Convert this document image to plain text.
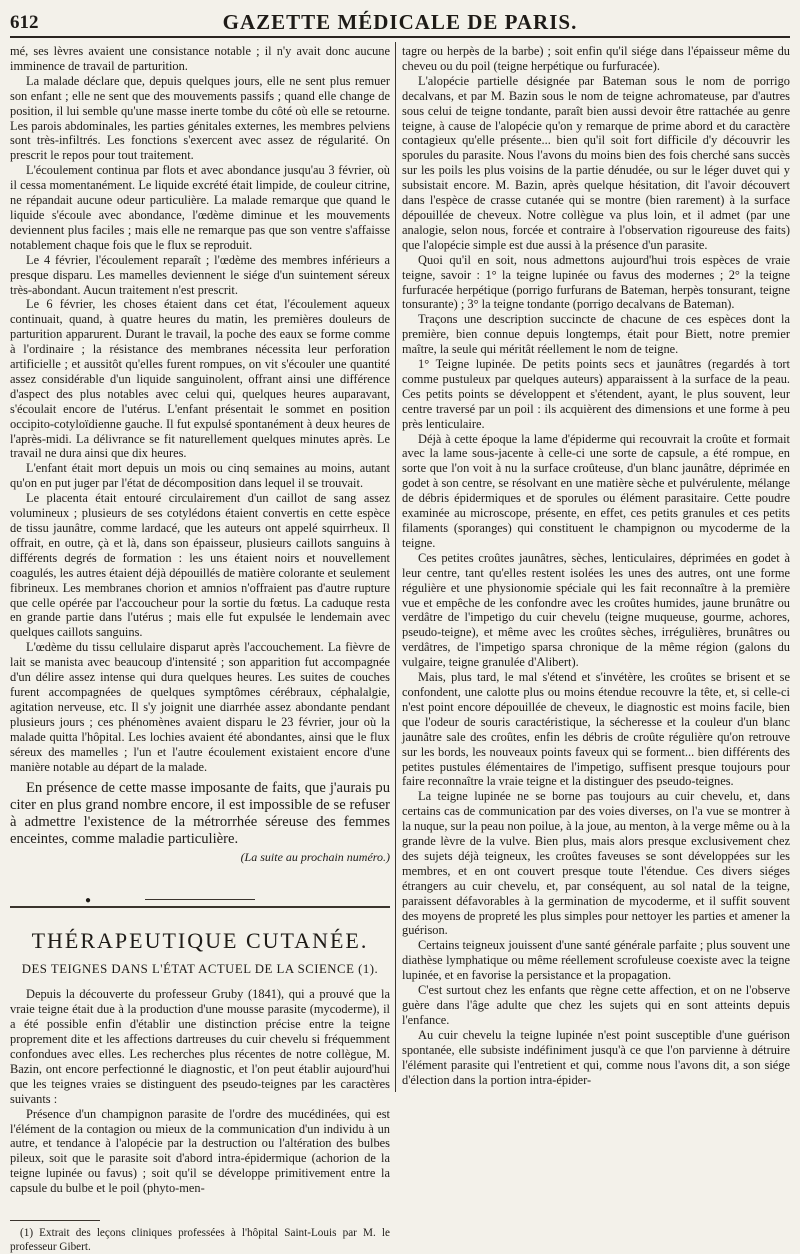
612	GAZETTE MÉDICALE DE PARIS.

mé, ses lèvres avaient une consistance notable ; il n'y avait donc aucune imminence de travail de parturition.

La malade déclare que, depuis quelques jours, elle ne sent plus remuer son enfant ; elle ne sent que des mouvements passifs ; quand elle change de position, il lui semble qu'une masse inerte tombe du côté où elle se retourne. Les parois abdominales, les parties génitales externes, les membres pelviens sont très-infiltrés. Les fonctions s'exercent avec assez de régularité. On prescrit le repos pour tout traitement.

L'écoulement continua par flots et avec abondance jusqu'au 3 février, où il cessa momentanément. Le liquide excrété était limpide, de couleur citrine, ne répandait aucune odeur particulière. La malade remarque que quand le liquide s'écoule avec abondance, l'œdème diminue et les mouvements deviennent plus faciles ; mais elle ne remarque pas que son ventre s'affaisse notablement chaque fois que le flux se reproduit.

Le 4 février, l'écoulement reparaît ; l'œdème des membres inférieurs a presque disparu. Les mamelles deviennent le siége d'un suintement séreux très-abondant. Aucun traitement n'est prescrit.

Le 6 février, les choses étaient dans cet état, l'écoulement aqueux continuait, quand, à quatre heures du matin, les premières douleurs de parturition apparurent. Durant le travail, la poche des eaux se forme comme à l'ordinaire ; la résistance des membranes nécessita leur perforation artificielle ; et aussitôt qu'elles furent rompues, on vit s'écouler une quantité assez considérable d'un liquide sanguinolent, offrant ainsi une différence d'aspect des plus notables avec celui qui, quelques heures auparavant, s'écoulait encore de l'utérus. L'enfant présentait le sommet en position occipito-cotyloïdienne gauche. Il fut expulsé spontanément à deux heures de l'après-midi. La délivrance se fit naturellement quelques minutes après. Le travail ne dura ainsi que dix heures.

L'enfant était mort depuis un mois ou cinq semaines au moins, autant qu'on en put juger par l'état de décomposition dans lequel il se trouvait.

Le placenta était entouré circulairement d'un caillot de sang assez volumineux ; plusieurs de ses cotylédons étaient convertis en cette espèce de tissu jaunâtre, comme lardacé, que les auteurs ont appelé squirrheux. Il offrait, en outre, çà et là, dans son épaisseur, plusieurs caillots sanguins à différents degrés de formation : les uns étaient noirs et nouvellement coagulés, les autres étaient déjà dépouillés de matière colorante et seulement fibrineux. Les membranes chorion et amnios n'offraient pas d'autre rupture que celle opérée par l'accoucheur pour la sortie du fœtus. La caduque resta en grande partie dans l'utérus ; mais elle fut expulsée le lendemain avec quelques caillots sanguins.

L'œdème du tissu cellulaire disparut après l'accouchement. La fièvre de lait se manista avec beaucoup d'intensité ; son apparition fut accompagnée d'un délire assez intense qui dura quelques heures. Les suites de couches furent accompagnées de quelques symptômes cérébraux, céphalalgie, agitation nerveuse, etc. Il s'y joignit une diarrhée assez abondante pendant plusieurs jours ; ces phénomènes avaient disparu le 23 février, jour où la malade quitta l'hôpital. Les lochies avaient été abondantes, ainsi que le flux séreux des mamelles ; l'un et l'autre écoulement existaient encore d'une manière notable au départ de la malade.

En présence de cette masse imposante de faits, que j'aurais pu citer en plus grand nombre encore, il est impossible de se refuser à admettre l'existence de la métrorrhée séreuse des femmes enceintes, comme maladie particulière.

(La suite au prochain numéro.)
●
THÉRAPEUTIQUE CUTANÉE.
DES TEIGNES DANS L'ÉTAT ACTUEL DE LA SCIENCE (1).

Depuis la découverte du professeur Gruby (1841), qui a prouvé que la vraie teigne était due à la production d'une mousse parasite (mycoderme), il a été possible enfin d'établir une distinction précise entre la teigne proprement dite et les affections dartreuses du cuir chevelu si fréquemment confondues avec elles. Les recherches plus récentes de notre collègue, M. Bazin, ont encore perfectionné le diagnostic, et l'on peut établir aujourd'hui que les teignes vraies se distinguent des pseudo-teignes par les caractères suivants :

Présence d'un champignon parasite de l'ordre des mucédinées, qui est l'élément de la contagion ou mieux de la communication d'un individu à un autre, et tendance à l'alopécie par la destruction ou l'altération des bulbes pileux, soit que le parasite soit d'abord intra-épidermique (achorion de la teigne lupinée ou favus) ; soit qu'il se développe primitivement entre la capsule du bulbe et le poil (phyto-men-

(1) Extrait des leçons cliniques professées à l'hôpital Saint-Louis par M. le professeur Gibert.

tagre ou herpès de la barbe) ; soit enfin qu'il siége dans l'épaisseur même du cheveu ou du poil (teigne herpétique ou furfuracée).

L'alopécie partielle désignée par Bateman sous le nom de porrigo decalvans, et par M. Bazin sous le nom de teigne achromateuse, par d'autres sous celui de teigne tondante, paraît bien aussi devoir être rattachée au genre teigne, à cause de l'alopécie qu'on y remarque de prime abord et du caractère contagieux qu'elle présente... bien qu'il soit fort difficile d'y découvrir les sporules du parasite. Nous l'avons du moins bien des fois cherché sans succès sur les poils les plus voisins de la partie dénudée, ou sur le léger duvet qui y subsistait encore. M. Bazin, après quelque hésitation, dit l'avoir découvert dans l'espèce de crasse cutanée qui se montre (bien rarement) à la surface dépouillée de cheveux. Notre collègue va plus loin, et il admet (par une analogie, selon nous, forcée et contraire à l'observation rigoureuse des faits) que l'alopécie simple est due aussi à la présence d'un parasite.

Quoi qu'il en soit, nous admettons aujourd'hui trois espèces de vraie teigne, savoir : 1° la teigne lupinée ou favus des modernes ; 2° la teigne furfuracée herpétique (porrigo furfurans de Bateman, herpès tonsurant, teigne tonsurante) ; 3° la teigne tondante (porrigo decalvans de Bateman).

Traçons une description succincte de chacune de ces espèces dont la première, bien connue depuis longtemps, était pour Biett, notre premier maître, la seule qui méritât réellement le nom de teigne.

1° Teigne lupinée. De petits points secs et jaunâtres (regardés à tort comme pustuleux par quelques auteurs) apparaissent à la surface de la peau. Ces petits points se développent et s'étendent, ayant, le plus souvent, leur centre traversé par un poil : ils acquièrent des dimensions et une forme à peu près lenticulaire.

Déjà à cette époque la lame d'épiderme qui recouvrait la croûte et formait avec la lame sous-jacente à celle-ci une sorte de capsule, a été rompue, en sorte que l'on voit à nu la surface croûteuse, d'un blanc jaunâtre, déprimée en godet à son centre, se résolvant en une matière sèche et pulvérulente, mélange de débris épidermiques et de sporules ou élément parasitaire. Cette poudre examinée au microscope, présente, en effet, ces petits granules et ces petits filaments (sporanges) qui constituent le champignon ou mycoderme de la teigne.

Ces petites croûtes jaunâtres, sèches, lenticulaires, déprimées en godet à leur centre, tant qu'elles restent isolées les unes des autres, ont une forme régulière et une physionomie spéciale qui les fait reconnaître à la première vue et empêche de les confondre avec les croûtes humides, jaune brunâtre ou verdâtre de l'impetigo du cuir chevelu (teigne muqueuse, gourme, achores, pseudo-teigne), et même avec les croûtes sèches, irrégulières, brunâtres ou verdâtres, de l'impetigo sparsa chronique de la même région (galons du vulgaire, teigne granulée d'Alibert).

Mais, plus tard, le mal s'étend et s'invétère, les croûtes se brisent et se confondent, une calotte plus ou moins étendue recouvre la tête, et, si celle-ci n'est point encore dépouillée de cheveux, le diagnostic est moins facile, bien que l'odeur de souris caractéristique, la sécheresse et la couleur d'un blanc jaunâtre sale des croûtes, enfin les débris de croûte régulière qu'on retrouve sur les bords, les nouveaux points faveux qui se forment... bien différents des petites pustules élémentaires de l'impetigo, suffisent presque toujours pour faire reconnaître la vraie teigne et la distinguer des pseudo-teignes.

La teigne lupinée ne se borne pas toujours au cuir chevelu, et, dans certains cas de communication par des voies diverses, on l'a vue se montrer à la nuque, sur la peau non poilue, à la joue, au menton, à la verge même ou à la grande lèvre de la vulve. Bien plus, mais alors presque exclusivement chez des sujets déjà teigneux, les croûtes faveuses se sont développées sur les membres, et en ont couvert presque toute l'étendue. Ces divers siéges étrangers au cuir chevelu, et, par conséquent, au sol natal de la teigne, paraissent défavorables à la germination de mycoderme, et il suffit souvent des moyens de propreté les plus simples pour nettoyer les parties et amener la guérison.

Certains teigneux jouissent d'une santé générale parfaite ; plus souvent une diathèse lymphatique ou même réellement scrofuleuse coexiste avec la teigne lupinée, et en favorise la persistance et la propagation.

C'est surtout chez les enfants que règne cette affection, et on ne l'observe guère dans l'âge adulte que chez les sujets qui en sont atteints depuis l'enfance.

Au cuir chevelu la teigne lupinée n'est point susceptible d'une guérison spontanée, elle subsiste indéfiniment jusqu'à ce que l'on parvienne à détruire l'élément parasite qui l'entretient et qui, comme nous l'avons dit, a son siége d'élection dans la portion intra-épider-
